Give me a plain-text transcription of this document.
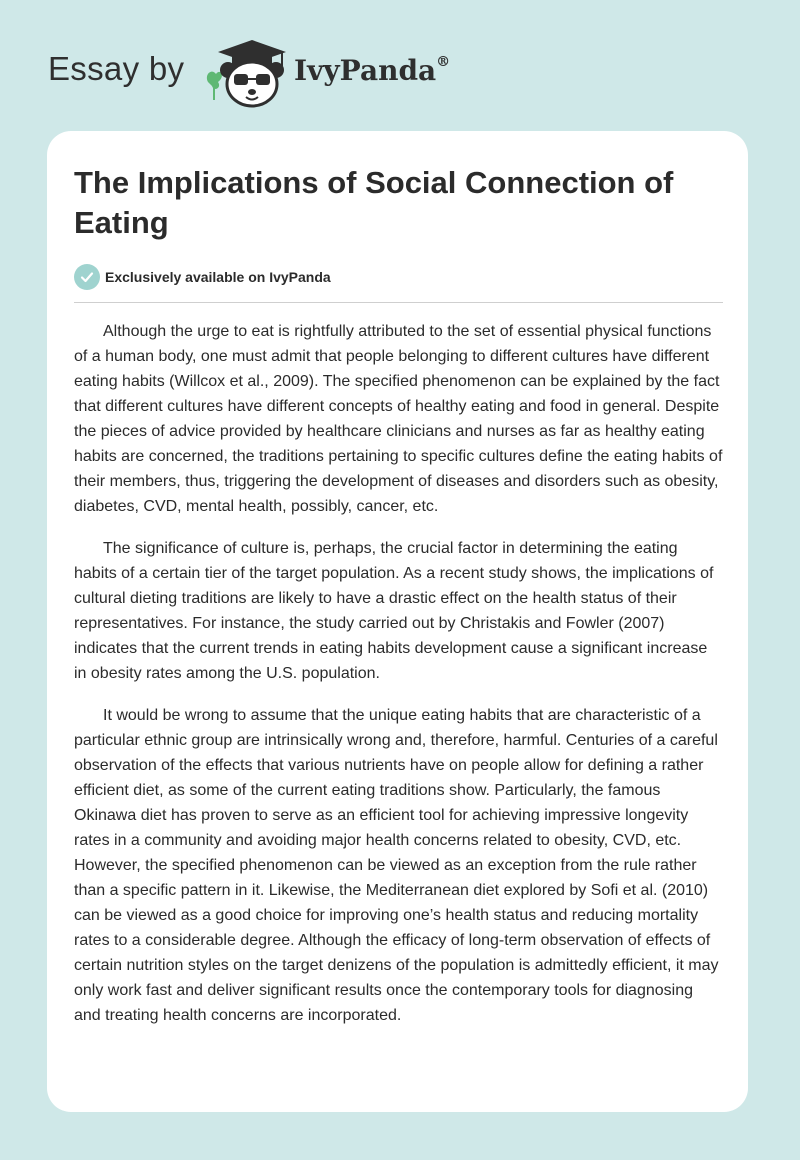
Essay by	IvyPanda®
The Implications of Social Connection of Eating
Exclusively available on IvyPanda

Although the urge to eat is rightfully attributed to the set of essential physical functions of a human body, one must admit that people belonging to different cultures have different eating habits (Willcox et al., 2009). The specified phenomenon can be explained by the fact that different cultures have different concepts of healthy eating and food in general. Despite the pieces of advice provided by healthcare clinicians and nurses as far as healthy eating habits are concerned, the traditions pertaining to specific cultures define the eating habits of their members, thus, triggering the development of diseases and disorders such as obesity, diabetes, CVD, mental health, possibly, cancer, etc.

The significance of culture is, perhaps, the crucial factor in determining the eating habits of a certain tier of the target population. As a recent study shows, the implications of cultural dieting traditions are likely to have a drastic effect on the health status of their representatives. For instance, the study carried out by Christakis and Fowler (2007) indicates that the current trends in eating habits development cause a significant increase in obesity rates among the U.S. population.

It would be wrong to assume that the unique eating habits that are characteristic of a particular ethnic group are intrinsically wrong and, therefore, harmful. Centuries of a careful observation of the effects that various nutrients have on people allow for defining a rather efficient diet, as some of the current eating traditions show. Particularly, the famous Okinawa diet has proven to serve as an efficient tool for achieving impressive longevity rates in a community and avoiding major health concerns related to obesity, CVD, etc. However, the specified phenomenon can be viewed as an exception from the rule rather than a specific pattern in it. Likewise, the Mediterranean diet explored by Sofi et al. (2010) can be viewed as a good choice for improving one’s health status and reducing mortality rates to a considerable degree. Although the efficacy of long-term observation of effects of certain nutrition styles on the target denizens of the population is admittedly efficient, it may only work fast and deliver significant results once the contemporary tools for diagnosing and treating health concerns are incorporated.
